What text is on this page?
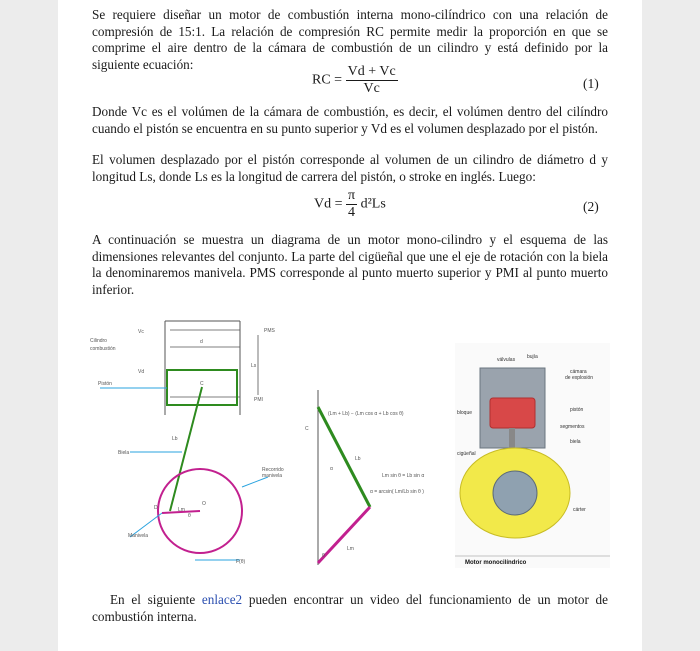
Se requiere diseñar un motor de combustión interna mono-cilíndrico con una relación de compresión de 15:1. La relación de compresión RC permite medir la proporción en que se comprime el aire dentro de la cámara de combustión de un cilindro y está definido por la siguiente ecuación:
RC = $\frac{Vd + Vc}{Vc}$	(1)
Donde Vc es el volúmen de la cámara de combustión, es decir, el volúmen dentro del cilíndro cuando el pistón se encuentra en su punto superior y Vd es el volumen desplazado por el pistón.
El volumen desplazado por el pistón corresponde al volumen de un cilindro de diámetro d y longitud Ls, donde Ls es la longitud de carrera del pistón, o stroke en inglés. Luego:
$Vd = \frac{\pi}{4} d^2Ls$	(2)
A continuación se muestra un diagrama de un motor mono-cilindro y el esquema de las dimensiones relevantes del conjunto. La parte del cigüeñal que une el eje de rotación con la biela la denominaremos manivela. PMS corresponde al punto muerto superior y PMI al punto muerto inferior.
Cilindro
combustión
Vc
Vd
d
Pistón
PMS
PMI
Ls
C
Lb
Biela
Recorrido
manivela
Manivela
O
D	Lm
θ
F(θ)
(Lm + Lb) − (Lm cos α + Lb cos θ)
C
α
Lm sin θ = Lb sin α
α = arcsin( Lm/Lb sin θ )
Lb
Lm
θ
bujía
válvulas
cámara
de explosión
pistón
bloque
segmentos
biela
cigüeñal
cárter
Motor monocilíndrico
En el siguiente enlace2 pueden encontrar un video del funcionamiento de un motor de combustión interna.
